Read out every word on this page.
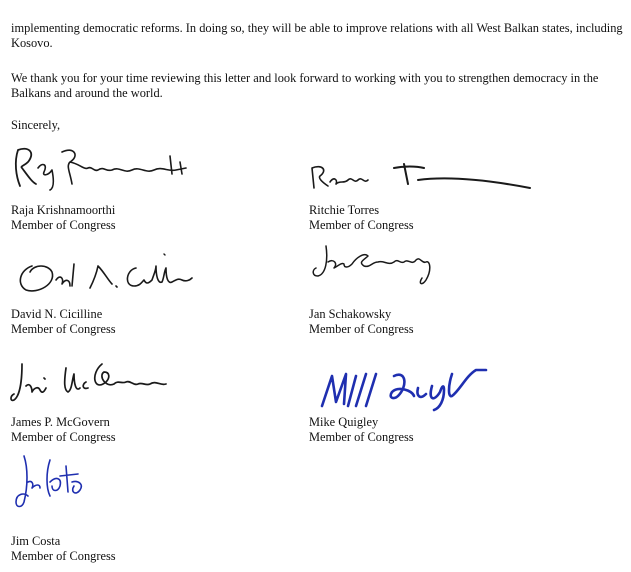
implementing democratic reforms. In doing so, they will be able to improve relations with all West Balkan states, including Kosovo.

We thank you for your time reviewing this letter and look forward to working with you to strengthen democracy in the Balkans and around the world.

Sincerely,

Raja Krishnamoorthi
Member of Congress
Ritchie Torres
Member of Congress
David N. Cicilline
Member of Congress
Jan Schakowsky
Member of Congress
James P. McGovern
Member of Congress
Mike Quigley
Member of Congress
Jim Costa
Member of Congress
